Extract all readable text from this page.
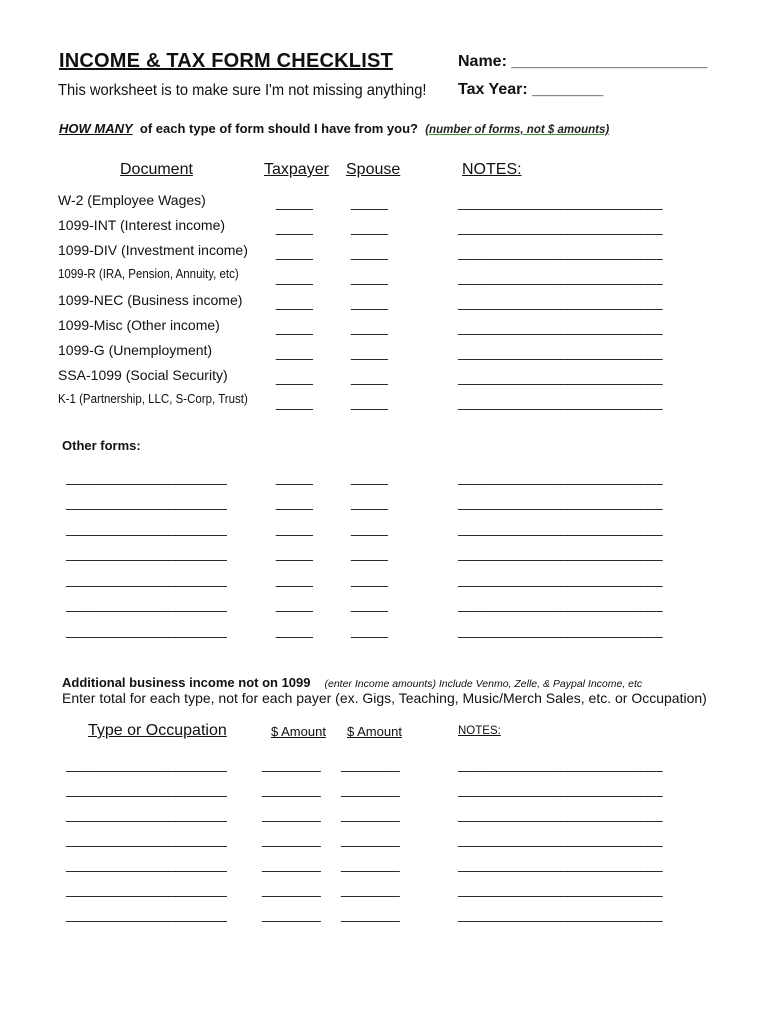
INCOME & TAX FORM CHECKLIST
This worksheet is to make sure I'm not missing anything!
Name: ______________________
Tax Year: ________
HOW MANY  of each type of form should I have from you?  (number of forms, not $ amounts)
Document	Taxpayer Spouse	NOTES:
W-2 (Employee Wages)	_____	_____	____________________________
1099-INT (Interest income)	_____	_____	____________________________
1099-DIV (Investment income) _____	_____	____________________________
1099-R (IRA, Pension, Annuity, etc)	_____	_____	____________________________
1099-NEC (Business income) _____	_____	____________________________
1099-Misc (Other income)	_____	_____	____________________________
1099-G (Unemployment)	_____	_____	____________________________
SSA-1099 (Social Security)	_____	_____	____________________________
K-1 (Partnership, LLC, S-Corp, Trust) _____	_____	____________________________
Other forms:
______________________	_____	_____	____________________________
______________________	_____	_____	____________________________
______________________	_____	_____	____________________________
______________________	_____	_____	____________________________
______________________	_____	_____	____________________________
______________________	_____	_____	____________________________
______________________	_____	_____	____________________________
Additional business income not on 1099 (enter Income amounts) Include Venmo, Zelle, & Paypal Income, etc
Enter total for each type, not for each payer (ex. Gigs, Teaching, Music/Merch Sales, etc. or Occupation)
Type or Occupation	$ Amount $ Amount	NOTES:
______________________	________ ________	____________________________
______________________	________ ________	____________________________
______________________	________ ________	____________________________
______________________	________ ________	____________________________
______________________	________ ________	____________________________
______________________	________ ________	____________________________
______________________	________ ________	____________________________
